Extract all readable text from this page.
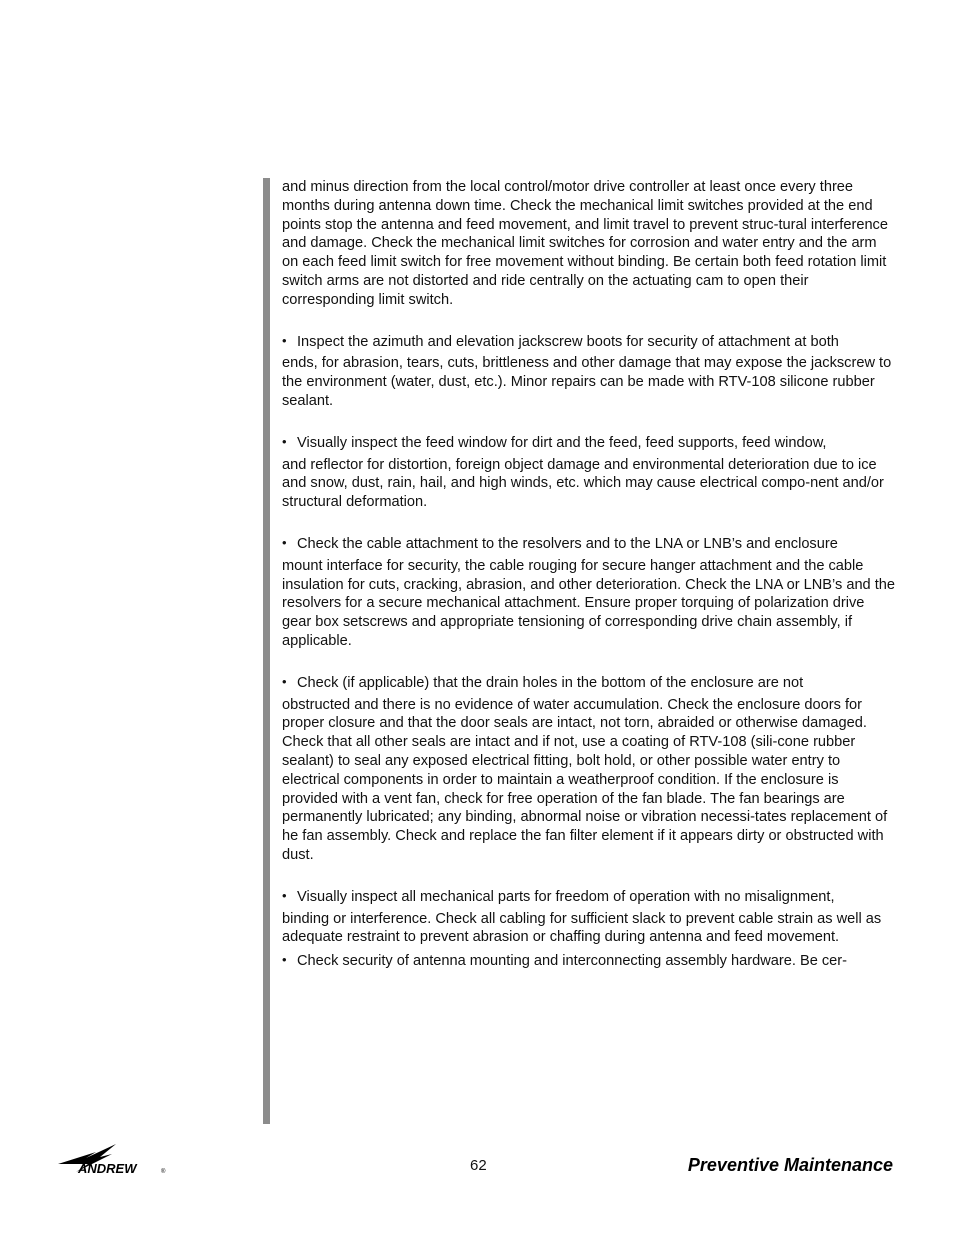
and minus direction from the local control/motor drive controller at least once every three months during antenna down time. Check the mechanical limit switches provided at the end points stop the antenna and feed movement, and limit travel to prevent struc-tural interference and damage. Check the mechanical limit switches for corrosion and water entry and the arm on each feed limit switch for free movement without binding. Be certain both feed rotation limit switch arms are not distorted and ride centrally on the actuating cam to open their corresponding limit switch.

• Inspect the azimuth and elevation jackscrew boots for security of attachment at both
ends, for abrasion, tears, cuts, brittleness and other damage that may expose the jackscrew to the environment (water, dust, etc.). Minor repairs can be made with RTV-108 silicone rubber sealant.
• Visually inspect the feed window for dirt and the feed, feed supports, feed window,
and reflector for distortion, foreign object damage and environmental deterioration due to ice and snow, dust, rain, hail, and high winds, etc. which may cause electrical compo-nent and/or structural deformation.
• Check the cable attachment to the resolvers and to the LNA or LNB’s and enclosure
mount interface for security, the cable rouging for secure hanger attachment and the cable insulation for cuts, cracking, abrasion, and other deterioration. Check the LNA or LNB’s and the resolvers for a secure mechanical attachment. Ensure proper torquing of polarization drive gear box setscrews and appropriate tensioning of corresponding drive chain assembly, if applicable.
• Check (if applicable) that the drain holes in the bottom of the enclosure are not
obstructed and there is no evidence of water accumulation. Check the enclosure doors for proper closure and that the door seals are intact, not torn, abraided or otherwise damaged. Check that all other seals are intact and if not, use a coating of RTV-108 (sili-cone rubber sealant) to seal any exposed electrical fitting, bolt hold, or other possible water entry to electrical components in order to maintain a weatherproof condition. If the enclosure is provided with a vent fan, check for free operation of the fan blade. The fan bearings are permanently lubricated; any binding, abnormal noise or vibration necessi-tates replacement of he fan assembly. Check and replace the fan filter element if it appears dirty or obstructed with dust.
• Visually inspect all mechanical parts for freedom of operation with no misalignment,
binding or interference. Check all cabling for sufficient slack to prevent cable strain as well as adequate restraint to prevent abrasion or chaffing during antenna and feed movement.
• Check security of antenna mounting and interconnecting assembly hardware. Be cer-
ANDREW	®	62	Preventive Maintenance
